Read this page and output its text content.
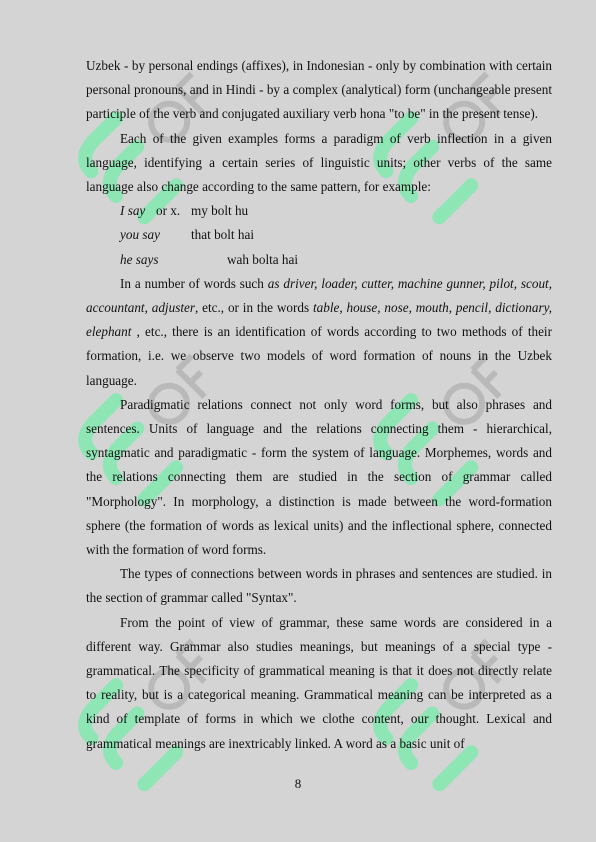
Uzbek - by personal endings (affixes), in Indonesian - only by combination with certain personal pronouns, and in Hindi - by a complex (analytical) form (unchangeable present participle of the verb and conjugated auxiliary verb hona "to be" in the present tense).

Each of the given examples forms a paradigm of verb inflection in a given language, identifying a certain series of linguistic units; other verbs of the same language also change according to the same pattern, for example:

I say or x. my bolt hu
you say that bolt hai
he says	wah bolta hai

In a number of words such as driver, loader, cutter, machine gunner, pilot, scout, accountant, adjuster, etc., or in the words table, house, nose, mouth, pencil, dictionary, elephant , etc., there is an identification of words according to two methods of their formation, i.e. we observe two models of word formation of nouns in the Uzbek language.

Paradigmatic relations connect not only word forms, but also phrases and sentences. Units of language and the relations connecting them - hierarchical, syntagmatic and paradigmatic - form the system of language. Morphemes, words and the relations connecting them are studied in the section of grammar called "Morphology". In morphology, a distinction is made between the word-formation sphere (the formation of words as lexical units) and the inflectional sphere, connected with the formation of word forms.

The types of connections between words in phrases and sentences are studied. in the section of grammar called "Syntax".

From the point of view of grammar, these same words are considered in a different way. Grammar also studies meanings, but meanings of a special type - grammatical. The specificity of grammatical meaning is that it does not directly relate to reality, but is a categorical meaning. Grammatical meaning can be interpreted as a kind of template of forms in which we clothe content, our thought. Lexical and grammatical meanings are inextricably linked. A word as a basic unit of

8
